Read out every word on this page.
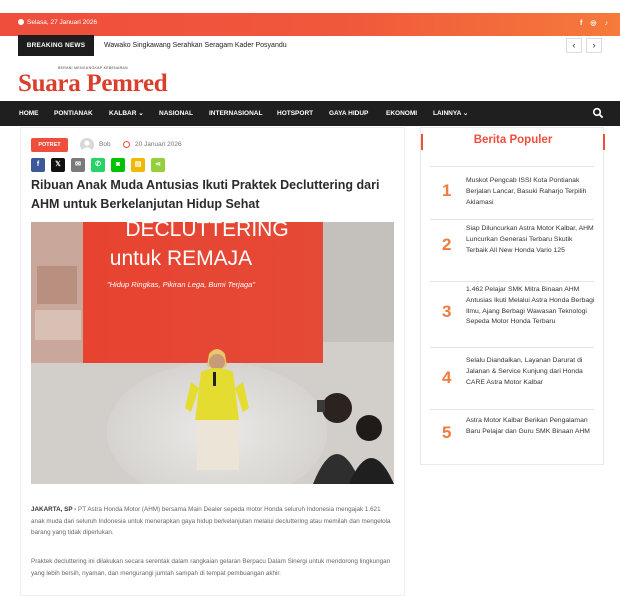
Selasa, 27 Januari 2026	f ◎ ♪
BREAKING NEWS	Wawako Singkawang Serahkan Seragam Kader Posyandu	‹	›
BERANI MENGUNGKAP KEBENARAN
Suara Pemred
HOME PONTIANAK	KALBAR ⌄ NASIONAL INTERNASIONAL HOTSPORT GAYA HIDUP	EKONOMI LAINNYA ⌄
POTRET	Bob	20 Januari 2026
f	𝕏	✉	✆	◙	▤	⋖
Ribuan Anak Muda Antusias Ikuti Praktek Decluttering dari AHM untuk Berkelanjutan Hidup Sehat
DECLUTTERING
untuk REMAJA
"Hidup Ringkas, Pikiran Lega, Bumi Terjaga"

JAKARTA, SP - PT Astra Honda Motor (AHM) bersama Main Dealer sepeda motor Honda seluruh Indonesia mengajak 1.621 anak muda dari seluruh Indonesia untuk menerapkan gaya hidup berkelanjutan melalui decluttering atau memilah dan mengelola barang yang tidak diperlukan.

Praktek decluttering ini dilakukan secara serentak dalam rangkaian gelaran Berpacu Dalam Sinergi untuk mendorong lingkungan yang lebih bersih, nyaman, dan mengurangi jumlah sampah di tempat pembuangan akhir.

Berita Populer
1
Muskot Pengcab ISSI Kota Pontianak Berjalan Lancar, Basuki Raharjo Terpilih Aklamasi
2
Siap Diluncurkan Astra Motor Kalbar, AHM Luncurkan Generasi Terbaru Skutik Terbaik All New Honda Vario 125
3
1.462 Pelajar SMK Mitra Binaan AHM Antusias Ikuti Melalui Astra Honda Berbagi Ilmu, Ajang Berbagi Wawasan Teknologi Sepeda Motor Honda Terbaru
4
Selalu Diandalkan, Layanan Darurat di Jalanan & Service Kunjung dari Honda CARE Astra Motor Kalbar
5
Astra Motor Kalbar Berikan Pengalaman Baru Pelajar dan Guru SMK Binaan AHM
